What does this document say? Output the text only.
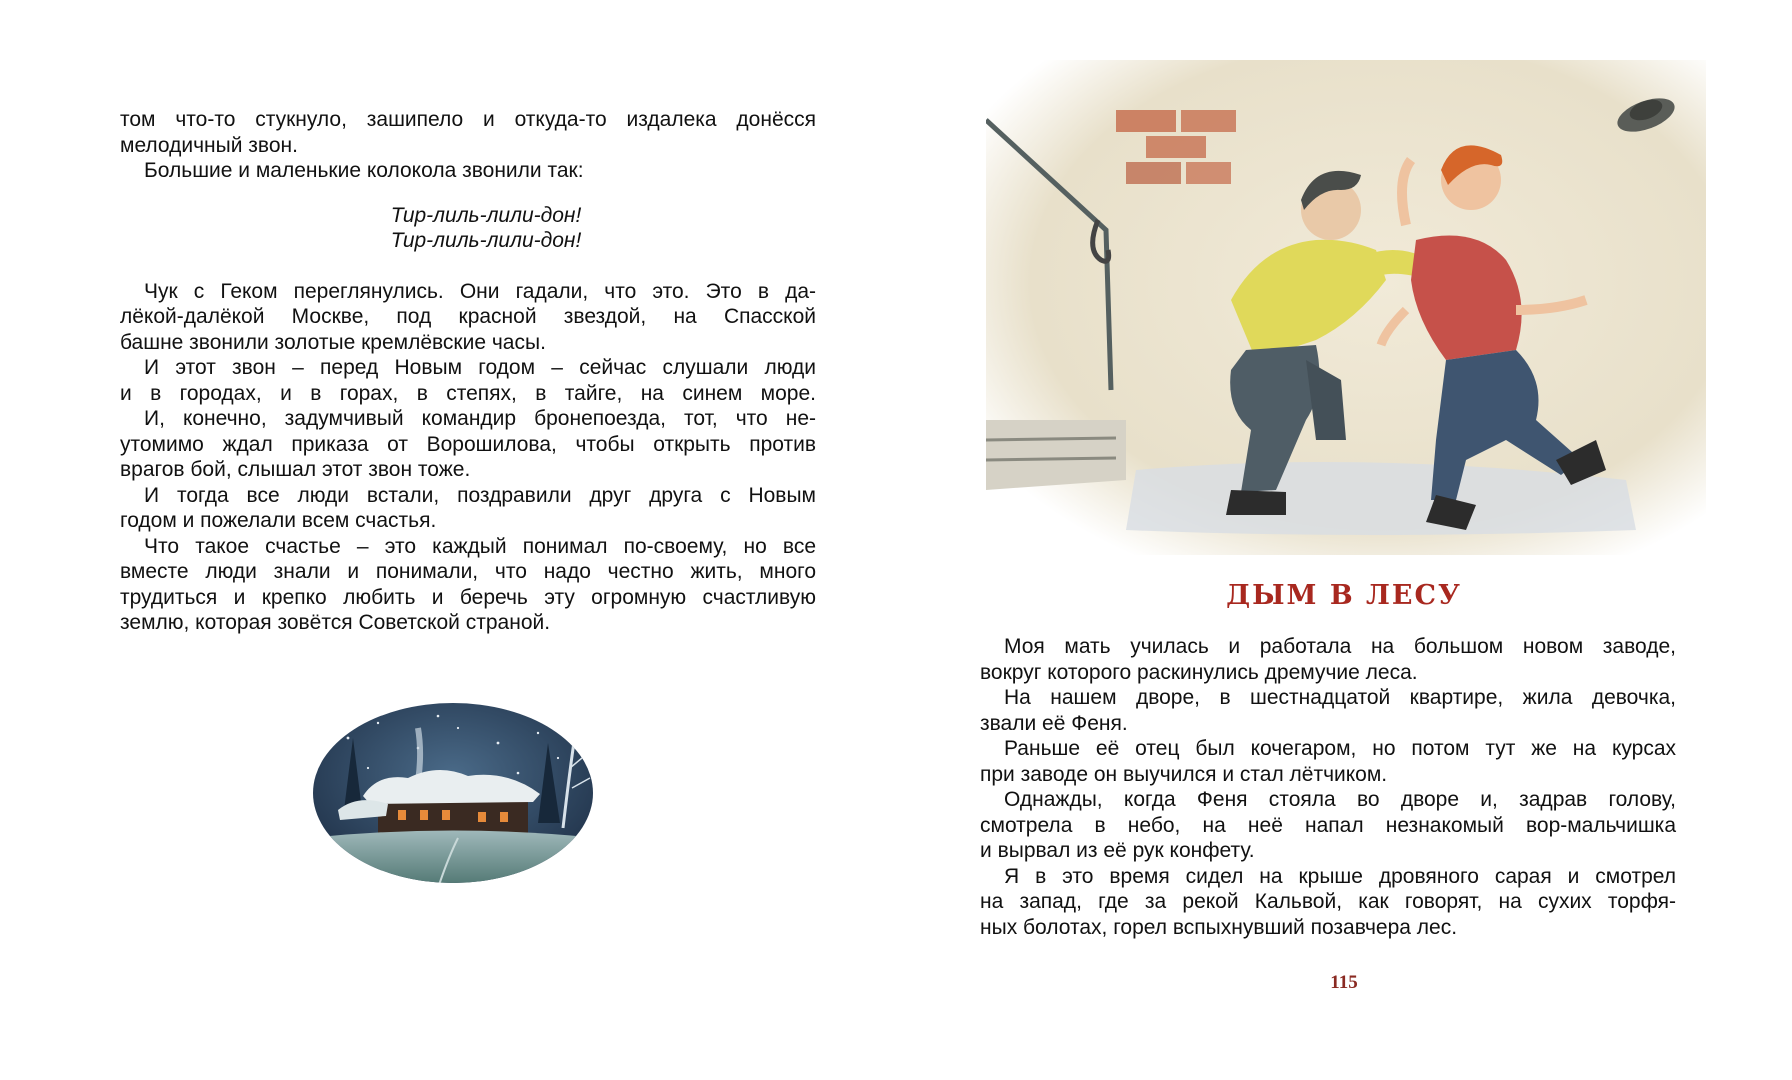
том что-то стукнуло, зашипело и откуда-то издалека донёсся
мелодичный звон.
Большие и маленькие колокола звонили так:
Тир-лиль-лили-дон!
Тир-лиль-лили-дон!
Чук с Геком переглянулись. Они гадали, что это. Это в да-
лёкой-далёкой Москве, под красной звездой, на Спасской
башне звонили золотые кремлёвские часы.
И этот звон – перед Новым годом – сейчас слушали люди
и в городах, и в горах, в степях, в тайге, на синем море.
И, конечно, задумчивый командир бронепоезда, тот, что не-
утомимо ждал приказа от Ворошилова, чтобы открыть против
врагов бой, слышал этот звон тоже.
И тогда все люди встали, поздравили друг друга с Новым
годом и пожелали всем счастья.
Что такое счастье – это каждый понимал по-своему, но все
вместе люди знали и понимали, что надо честно жить, много
трудиться и крепко любить и беречь эту огромную счастливую
землю, которая зовётся Советской страной.
ДЫМ В ЛЕСУ
Моя мать училась и работала на большом новом заводе,
вокруг которого раскинулись дремучие леса.
На нашем дворе, в шестнадцатой квартире, жила девочка,
звали её Феня.
Раньше её отец был кочегаром, но потом тут же на курсах
при заводе он выучился и стал лётчиком.
Однажды, когда Феня стояла во дворе и, задрав голову,
смотрела в небо, на неё напал незнакомый вор-мальчишка
и вырвал из её рук конфету.
Я в это время сидел на крыше дровяного сарая и смотрел
на запад, где за рекой Кальвой, как говорят, на сухих торфя-
ных болотах, горел вспыхнувший позавчера лес.
115
